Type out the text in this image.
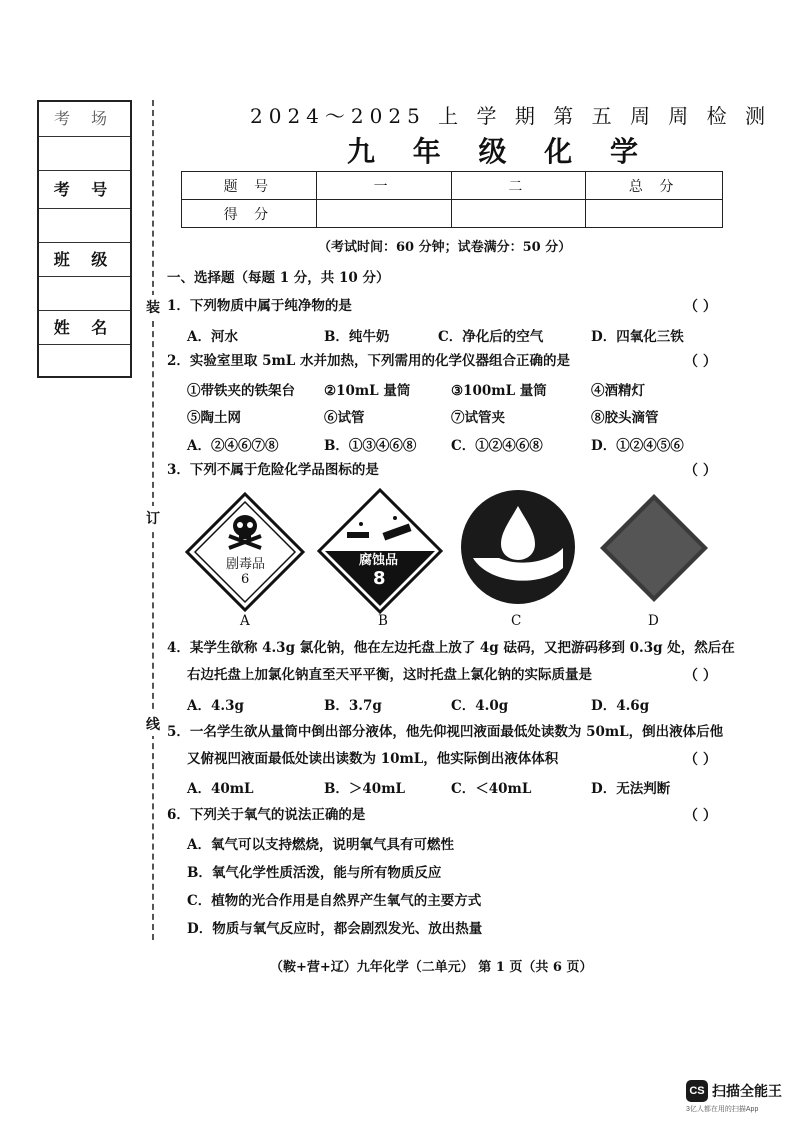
考 场
考 号
班 级
姓 名
装
订
线
2024～2025 上 学 期 第 五 周 周 检 测
九 年 级 化 学
题 号	一	二	总 分
得 分			
（考试时间：60 分钟；试卷满分：50 分）
一、选择题（每题 1 分，共 10 分）
1．下列物质中属于纯净物的是	（ ）
A．河水	B．纯牛奶	C．净化后的空气	D．四氧化三铁
2．实验室里取 5mL 水并加热，下列需用的化学仪器组合正确的是	（ ）
①带铁夹的铁架台 ②10mL 量筒	③100mL 量筒	④酒精灯
⑤陶土网	⑥试管	⑦试管夹	⑧胶头滴管
A．②④⑥⑦⑧	B．①③④⑥⑧	C．①②④⑥⑧	D．①②④⑤⑥
3．下列不属于危险化学品图标的是	（ ）
剧毒品
6
A
腐蚀品
8
B	C	D
4．某学生欲称 4.3g 氯化钠，他在左边托盘上放了 4g 砝码，又把游码移到 0.3g 处，然后在
右边托盘上加氯化钠直至天平平衡，这时托盘上氯化钠的实际质量是	（ ）
A．4.3g	B．3.7g	C．4.0g	D．4.6g
5．一名学生欲从量筒中倒出部分液体，他先仰视凹液面最低处读数为 50mL，倒出液体后他
又俯视凹液面最低处读出读数为 10mL，他实际倒出液体体积	（ ）
A．40mL	B．＞40mL	C．＜40mL	D．无法判断
6．下列关于氧气的说法正确的是	（ ）
A．氧气可以支持燃烧，说明氧气具有可燃性
B．氧气化学性质活泼，能与所有物质反应
C．植物的光合作用是自然界产生氧气的主要方式
D．物质与氧气反应时，都会剧烈发光、放出热量
（鞍+营+辽）九年化学（二单元） 第 1 页（共 6 页）
CS 扫描全能王
3亿人都在用的扫描App
